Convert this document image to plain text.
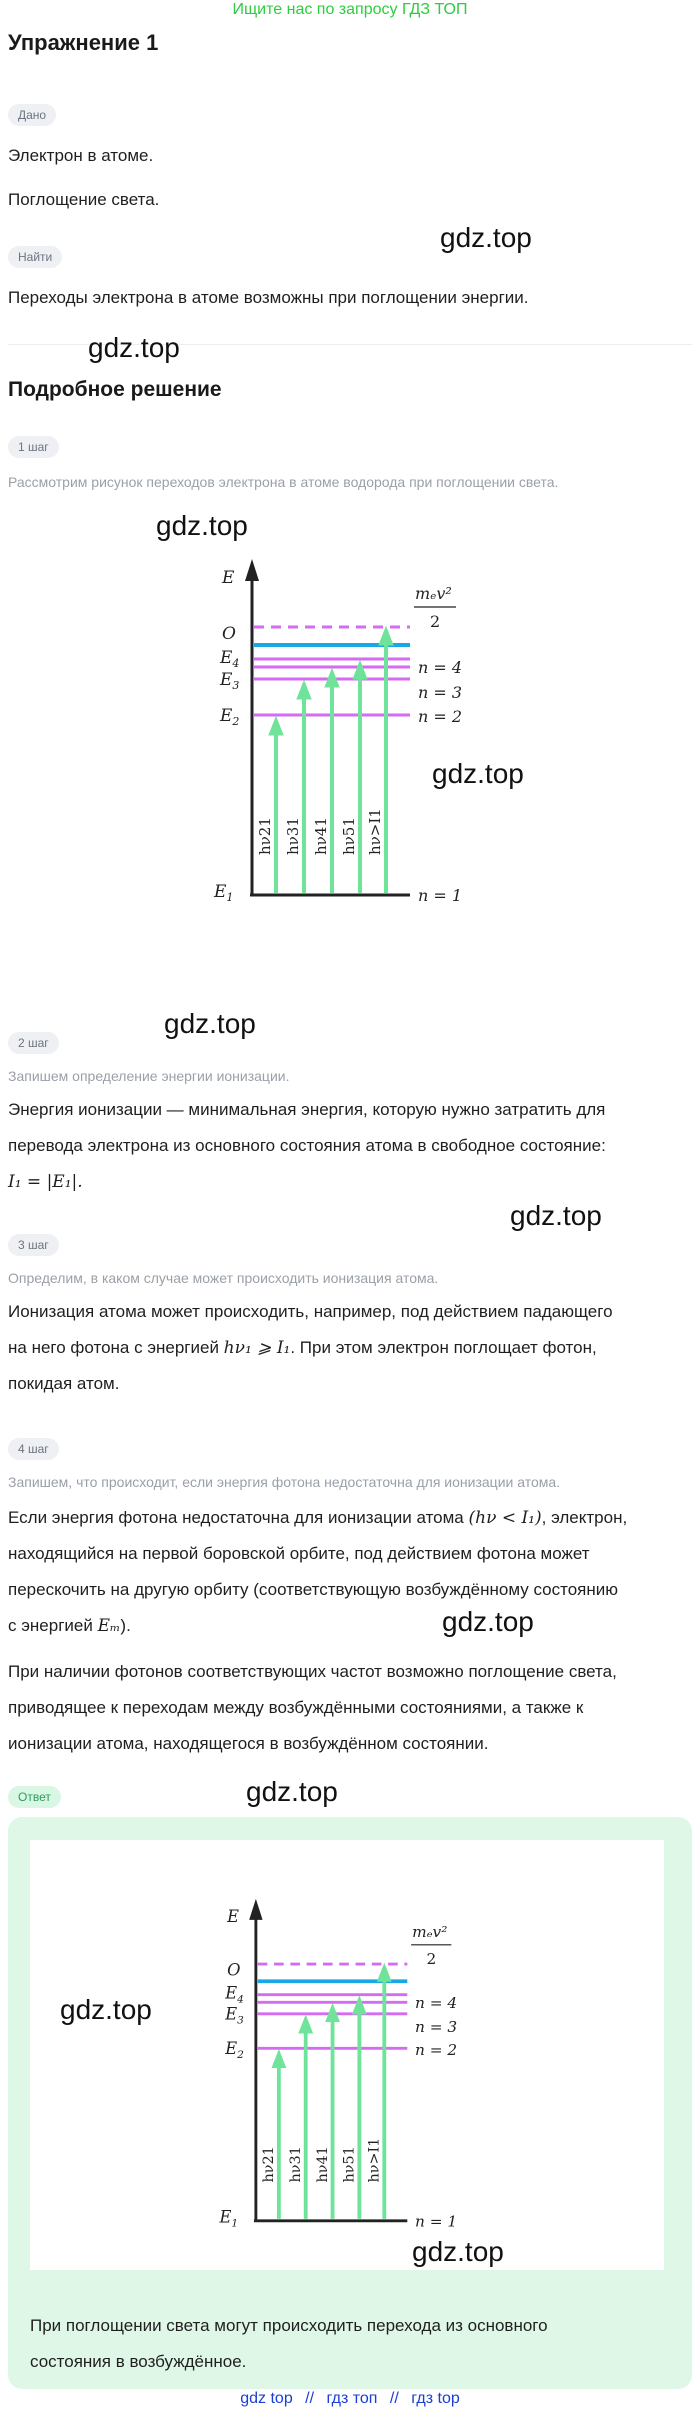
Ищите нас по запросу ГДЗ ТОП
Упражнение 1
Дано
Электрон в атоме.
Поглощение света.
Найти
Переходы электрона в атоме возможны при поглощении энергии.
Подробное решение
1 шаг
Рассмотрим рисунок переходов электрона в атоме водорода при поглощении света.
hν21 hν31 hν41 hν51 hν>I1
E
O
$E_4$
$E_3$
$E_2$
$E_1$
mₑv²
2
n = 4
n = 3
n = 2
n = 1
2 шаг
Запишем определение энергии ионизации.
Энергия ионизации — минимальная энергия, которую нужно затратить для
перевода электрона из основного состояния атома в свободное состояние:
I₁ = |E₁|.
3 шаг
Определим, в каком случае может происходить ионизация атома.
Ионизация атома может происходить, например, под действием падающего
на него фотона с энергией hν₁ ⩾ I₁. При этом электрон поглощает фотон,
покидая атом.
4 шаг
Запишем, что происходит, если энергия фотона недостаточна для ионизации атома.
Если энергия фотона недостаточна для ионизации атома (hν < I₁), электрон,
находящийся на первой боровской орбите, под действием фотона может
перескочить на другую орбиту (соответствующую возбуждённому состоянию
с энергией Eₘ).
При наличии фотонов соответствующих частот возможно поглощение света,
приводящее к переходам между возбуждёнными состояниями, а также к
ионизации атома, находящегося в возбуждённом состоянии.
Ответ
hν21 hν31 hν41 hν51 hν>I1
E
O
$E_4$
$E_3$
$E_2$
$E_1$
mₑv²
2
n = 4
n = 3
n = 2
n = 1
При поглощении света могут происходить перехода из основного
состояния в возбуждённое.
gdz.top
gdz.top
gdz.top
gdz.top
gdz.top
gdz.top
gdz.top
gdz.top
gdz.top
gdz.top
gdz top // гдз топ // гдз top
